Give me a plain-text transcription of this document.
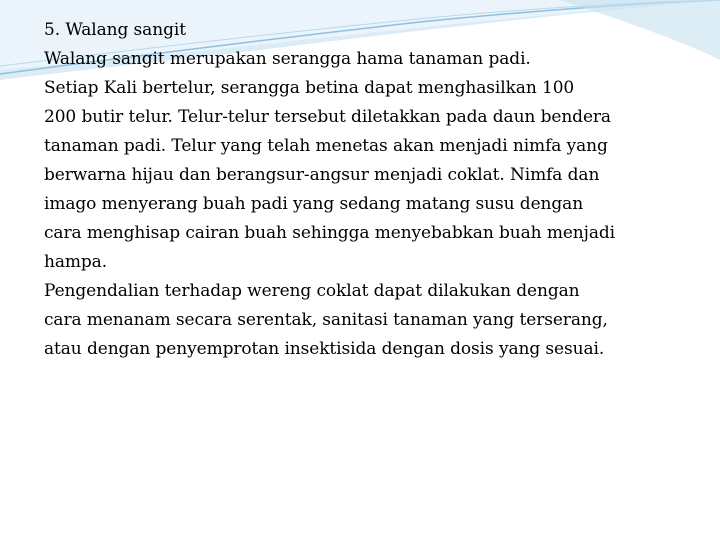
5. Walang sangit
Walang sangit merupakan serangga hama tanaman padi.
Setiap Kali bertelur, serangga betina dapat menghasilkan 100
200 butir telur. Telur-telur tersebut diletakkan pada daun bendera
tanaman padi. Telur yang telah menetas akan menjadi nimfa yang
berwarna hijau dan berangsur-angsur menjadi coklat. Nimfa dan
imago menyerang buah padi yang sedang matang susu dengan
cara menghisap cairan buah sehingga menyebabkan buah menjadi
hampa.
Pengendalian terhadap wereng coklat dapat dilakukan dengan
cara menanam secara serentak, sanitasi tanaman yang terserang,
atau dengan penyemprotan insektisida dengan dosis yang sesuai.
